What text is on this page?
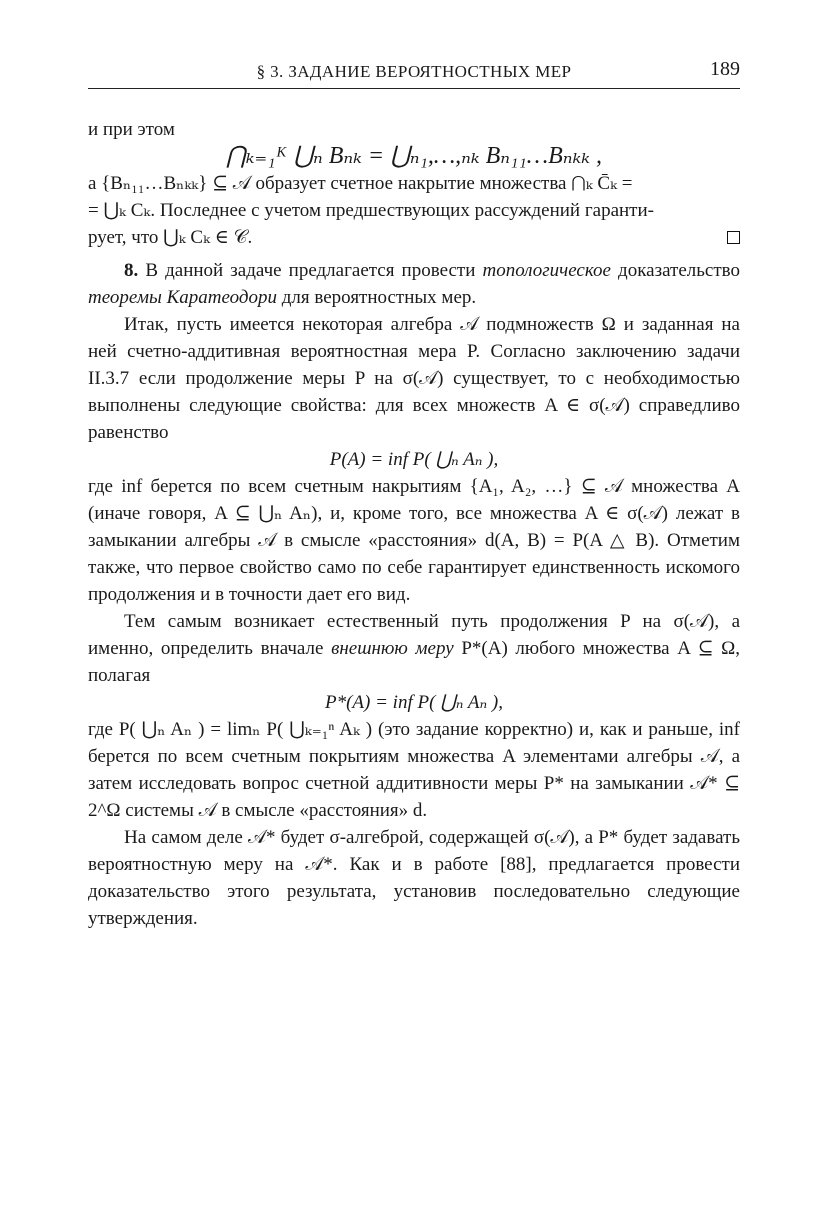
§ 3. ЗАДАНИЕ ВЕРОЯТНОСТНЫХ МЕР	189

и при этом

⋂ₖ₌₁ᴷ ⋃ₙ Bₙₖ = ⋃ₙ₁,…,ₙₖ Bₙ₁₁…Bₙₖₖ ,

а {Bₙ₁₁…Bₙₖₖ} ⊆ 𝒜 образует счетное накрытие множества ⋂ₖ C̄ₖ =

= ⋃ₖ Cₖ. Последнее с учетом предшествующих рассуждений гаранти-

рует, что ⋃ₖ Cₖ ∈ 𝒞.

8. В данной задаче предлагается провести топологическое доказательство теоремы Каратеодори для вероятностных мер.

Итак, пусть имеется некоторая алгебра 𝒜 подмножеств Ω и заданная на ней счетно-аддитивная вероятностная мера P. Согласно заключению задачи II.3.7 если продолжение меры P на σ(𝒜) существует, то с необходимостью выполнены следующие свойства: для всех множеств A ∈ σ(𝒜) справедливо равенство

P(A) = inf P( ⋃ₙ Aₙ ),

где inf берется по всем счетным накрытиям {A₁, A₂, …} ⊆ 𝒜 множества A (иначе говоря, A ⊆ ⋃ₙ Aₙ), и, кроме того, все множества A ∈ σ(𝒜) лежат в замыкании алгебры 𝒜 в смысле «расстояния» d(A, B) = P(A △ B). Отметим также, что первое свойство само по себе гарантирует единственность искомого продолжения и в точности дает его вид.

Тем самым возникает естественный путь продолжения P на σ(𝒜), а именно, определить вначале внешнюю меру P*(A) любого множества A ⊆ Ω, полагая

P*(A) = inf P( ⋃ₙ Aₙ ),

где P( ⋃ₙ Aₙ ) = limₙ P( ⋃ₖ₌₁ⁿ Aₖ ) (это задание корректно) и, как и раньше, inf берется по всем счетным покрытиям множества A элементами алгебры 𝒜, а затем исследовать вопрос счетной аддитивности меры P* на замыкании 𝒜* ⊆ 2^Ω системы 𝒜 в смысле «расстояния» d.

На самом деле 𝒜* будет σ-алгеброй, содержащей σ(𝒜), а P* будет задавать вероятностную меру на 𝒜*. Как и в работе [88], предлагается провести доказательство этого результата, установив последовательно следующие утверждения.
